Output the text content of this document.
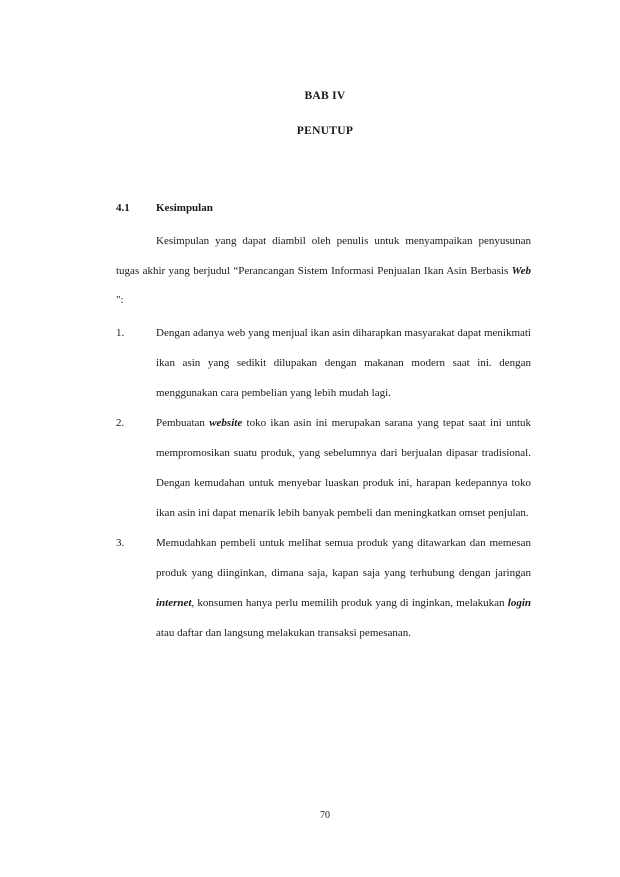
BAB IV
PENUTUP
4.1 Kesimpulan

Kesimpulan yang dapat diambil oleh penulis untuk menyampaikan penyusunan tugas akhir yang berjudul “Perancangan Sistem Informasi Penjualan Ikan Asin Berbasis Web ":

1.	Dengan adanya web yang menjual ikan asin diharapkan masyarakat dapat menikmati ikan asin yang sedikit dilupakan dengan makanan modern saat ini. dengan menggunakan cara pembelian yang lebih mudah lagi.
2.	Pembuatan website toko ikan asin ini merupakan sarana yang tepat saat ini untuk mempromosikan suatu produk, yang sebelumnya dari berjualan dipasar tradisional. Dengan kemudahan untuk menyebar luaskan produk ini, harapan kedepannya toko ikan asin ini dapat menarik lebih banyak pembeli dan meningkatkan omset penjulan.
3.	Memudahkan pembeli untuk melihat semua produk yang ditawarkan dan memesan produk yang diinginkan, dimana saja, kapan saja yang terhubung dengan jaringan internet, konsumen hanya perlu memilih produk yang di inginkan, melakukan login atau daftar dan langsung melakukan transaksi pemesanan.
70
